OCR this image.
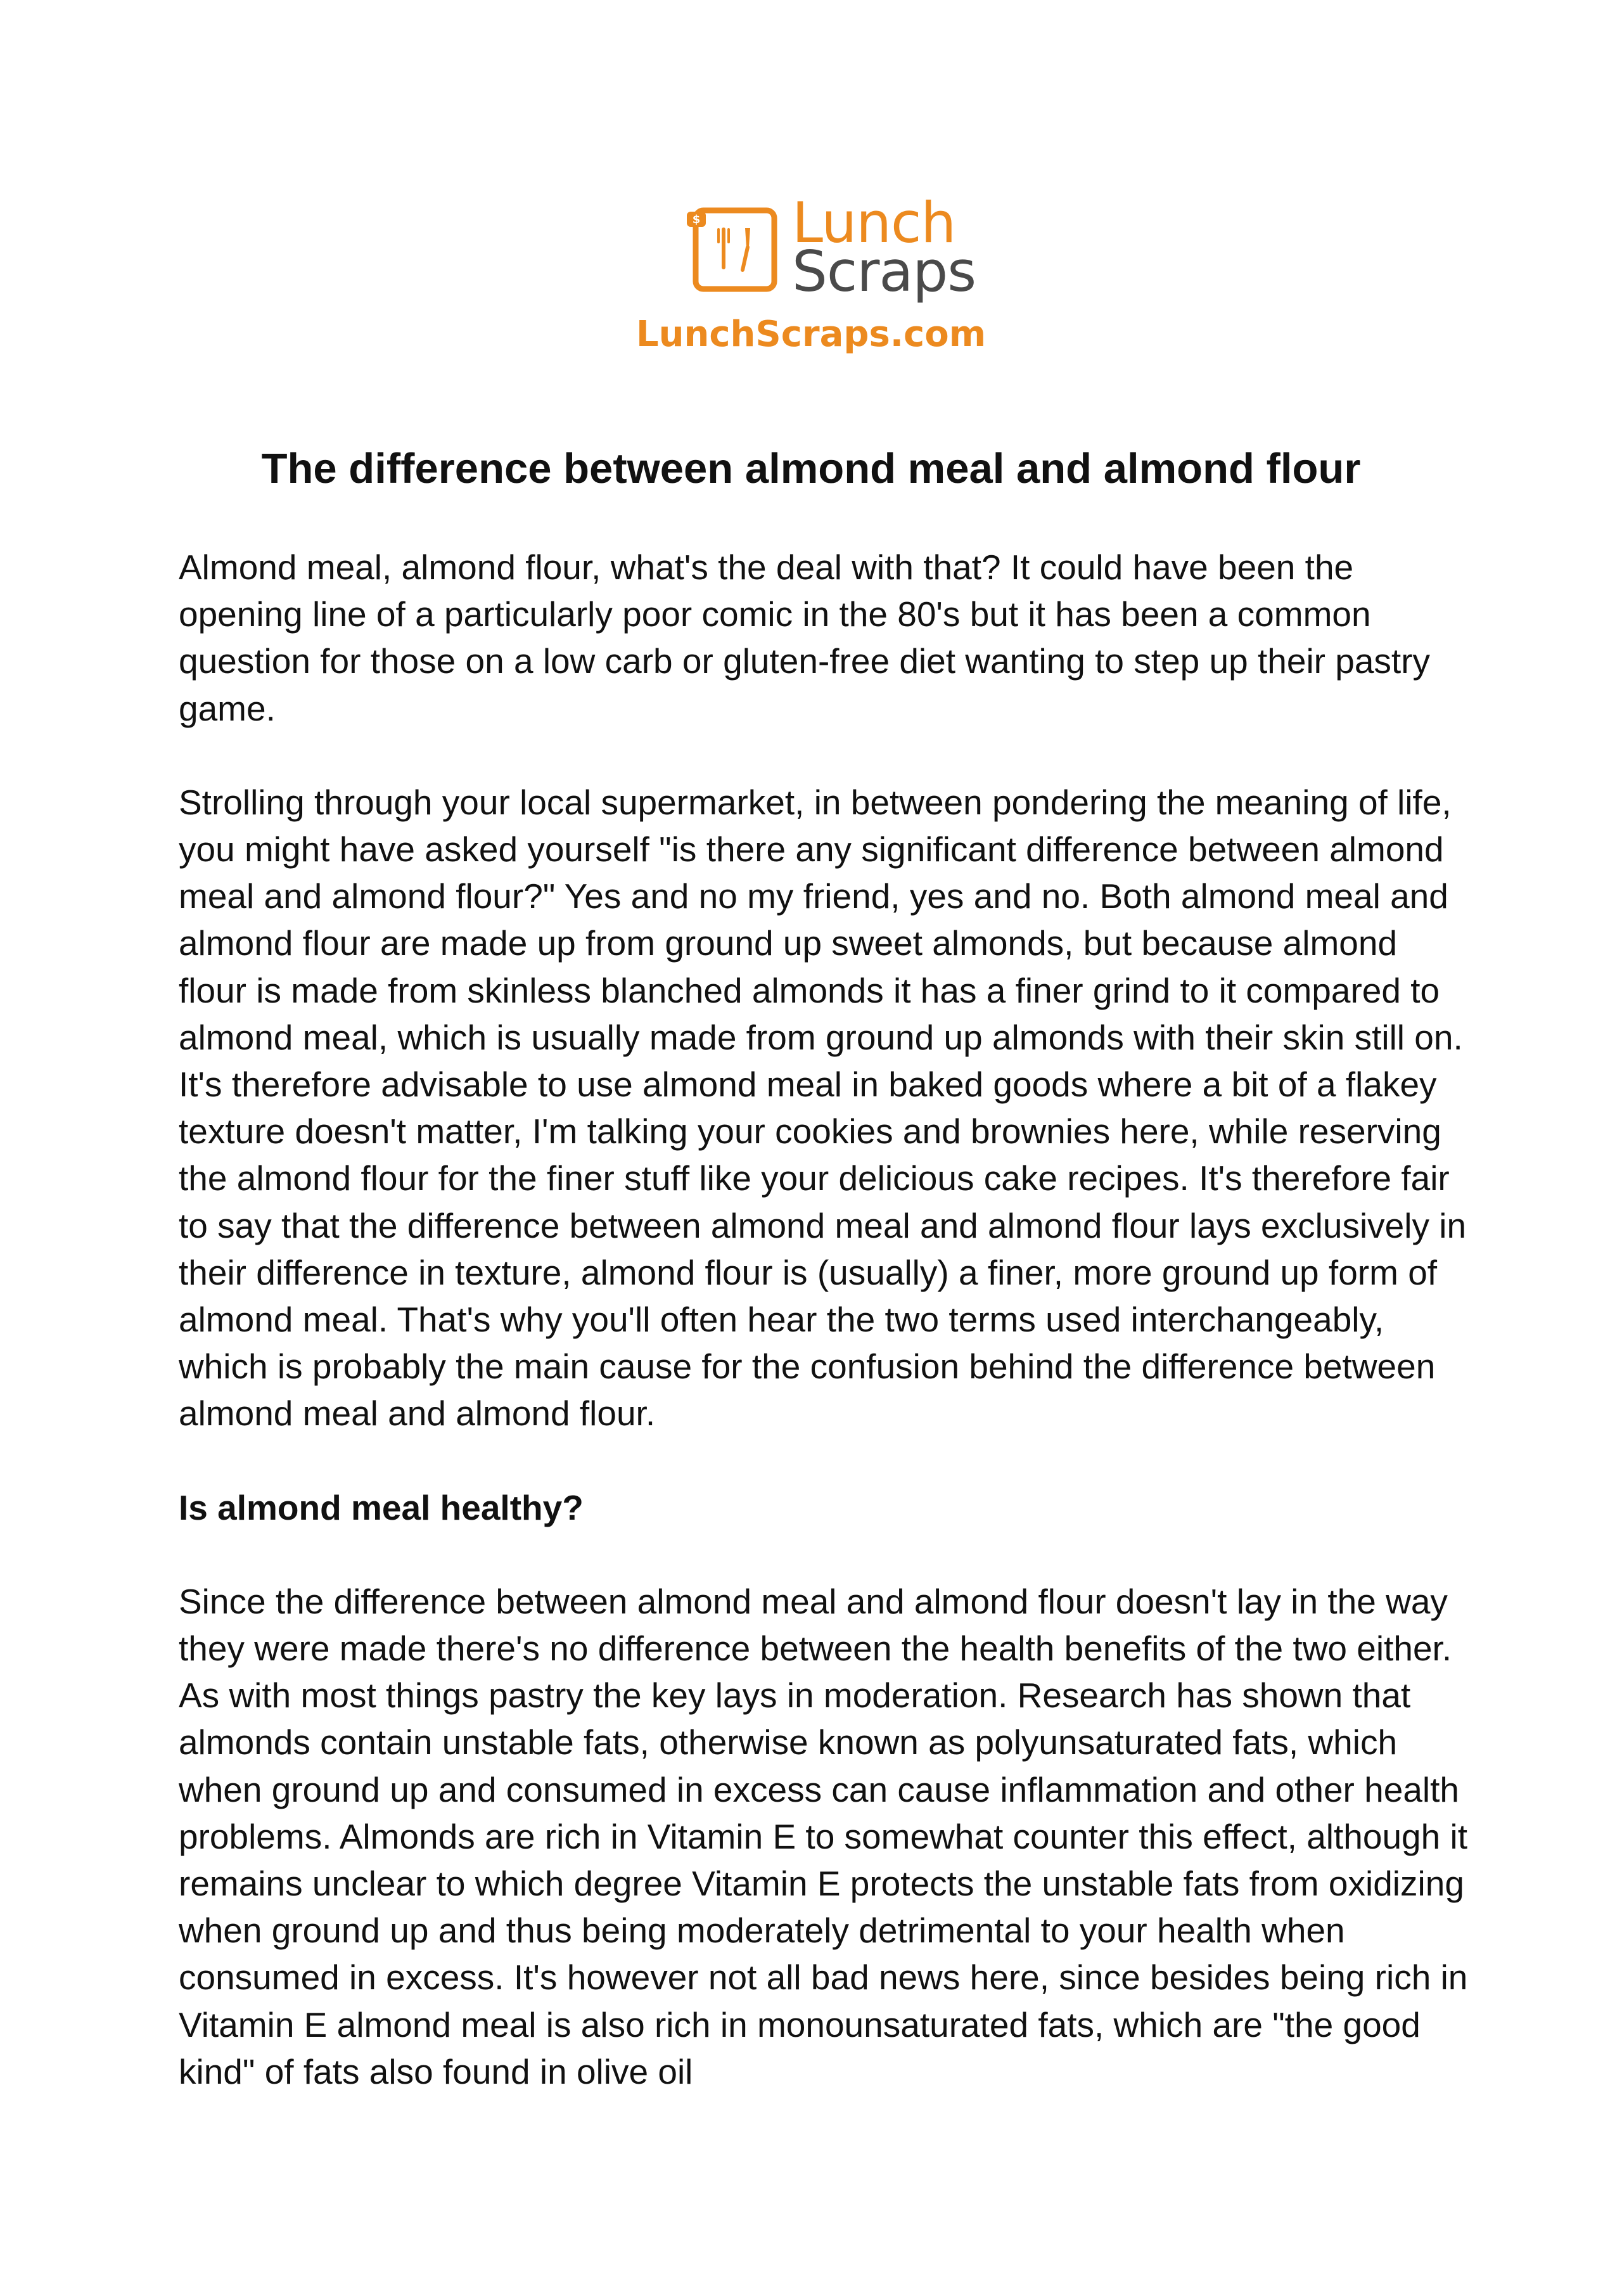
$ Lunch
Scraps
LunchScraps.com
The difference between almond meal and almond flour

Almond meal, almond flour, what's the deal with that? It could have been the opening line of a particularly poor comic in the 80's but it has been a common question for those on a low carb or gluten-free diet wanting to step up their pastry game.

Strolling through your local supermarket, in between pondering the meaning of life, you might have asked yourself "is there any significant difference between almond meal and almond flour?" Yes and no my friend, yes and no. Both almond meal and almond flour are made up from ground up sweet almonds, but because almond flour is made from skinless blanched almonds it has a finer grind to it compared to almond meal, which is usually made from ground up almonds with their skin still on. It's therefore advisable to use almond meal in baked goods where a bit of a flakey texture doesn't matter, I'm talking your cookies and brownies here, while reserving the almond flour for the finer stuff like your delicious cake recipes. It's therefore fair to say that the difference between almond meal and almond flour lays exclusively in their difference in texture, almond flour is (usually) a finer, more ground up form of almond meal. That's why you'll often hear the two terms used interchangeably, which is probably the main cause for the confusion behind the difference between almond meal and almond flour.

Is almond meal healthy?

Since the difference between almond meal and almond flour doesn't lay in the way they were made there's no difference between the health benefits of the two either. As with most things pastry the key lays in moderation. Research has shown that almonds contain unstable fats, otherwise known as polyunsaturated fats, which when ground up and consumed in excess can cause inflammation and other health problems. Almonds are rich in Vitamin E to somewhat counter this effect, although it remains unclear to which degree Vitamin E protects the unstable fats from oxidizing when ground up and thus being moderately detrimental to your health when consumed in excess. It's however not all bad news here, since besides being rich in Vitamin E almond meal is also rich in monounsaturated fats, which are "the good kind" of fats also found in olive oil
